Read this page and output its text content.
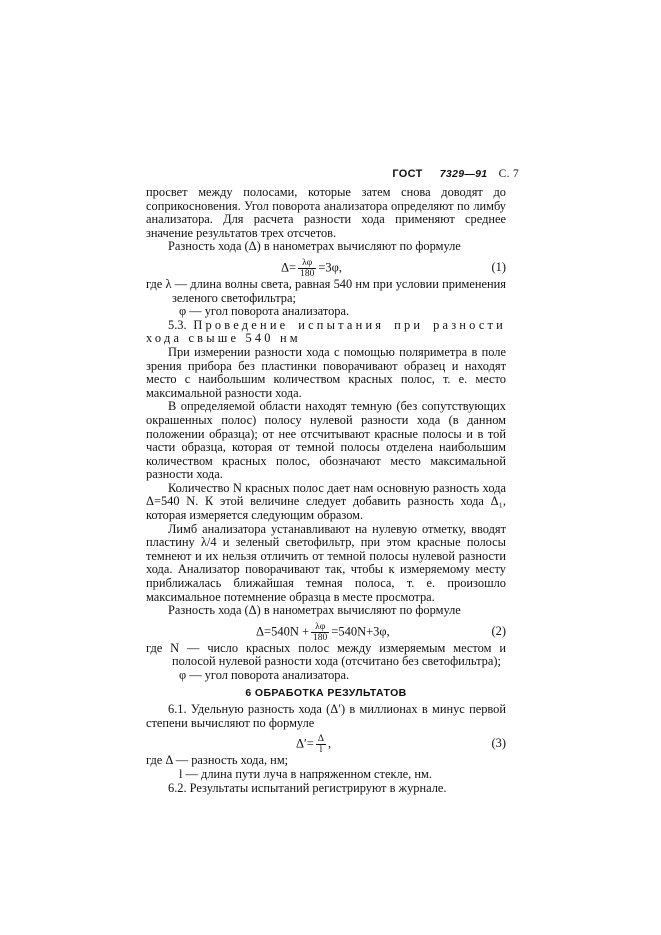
ГОСТ 7329—91 С. 7

просвет между полосами, которые затем снова доводят до соприкосновения. Угол поворота анализатора определяют по лимбу анализатора. Для расчета разности хода применяют среднее значение результатов трех отсчетов.

Разность хода (Δ) в нанометрах вычисляют по формуле

$\Delta= \frac{\lambda\varphi}{180} =3\varphi$,	(1)

где λ — длина волны света, равная 540 нм при условии применения зеленого светофильтра;

φ — угол поворота анализатора.

5.3. Проведение испытания при разности хода свыше 540 нм

При измерении разности хода с помощью поляриметра в поле зрения прибора без пластинки поворачивают образец и находят место с наибольшим количеством красных полос, т. е. место максимальной разности хода.

В определяемой области находят темную (без сопутствующих окрашенных полос) полосу нулевой разности хода (в данном положении образца); от нее отсчитывают красные полосы и в той части образца, которая от темной полосы отделена наибольшим количеством красных полос, обозначают место максимальной разности хода.

Количество N красных полос дает нам основную разность хода Δ=540 N. К этой величине следует добавить разность хода Δ₁, которая измеряется следующим образом.

Лимб анализатора устанавливают на нулевую отметку, вводят пластину λ/4 и зеленый светофильтр, при этом красные полосы темнеют и их нельзя отличить от темной полосы нулевой разности хода. Анализатор поворачивают так, чтобы к измеряемому месту приближалась ближайшая темная полоса, т. е. произошло максимальное потемнение образца в месте просмотра.

Разность хода (Δ) в нанометрах вычисляют по формуле

$\Delta=540N + \frac{\lambda\varphi}{180} =540N+3\varphi$,	(2)

где N — число красных полос между измеряемым местом и полосой нулевой разности хода (отсчитано без светофильтра);

φ — угол поворота анализатора.

6 ОБРАБОТКА РЕЗУЛЬТАТОВ

6.1. Удельную разность хода (Δ′) в миллионах в минус первой степени вычисляют по формуле

$\Delta'= \frac{\Delta}{l}$ ,	(3)

где Δ — разность хода, нм;

l — длина пути луча в напряженном стекле, нм.

6.2. Результаты испытаний регистрируют в журнале.
